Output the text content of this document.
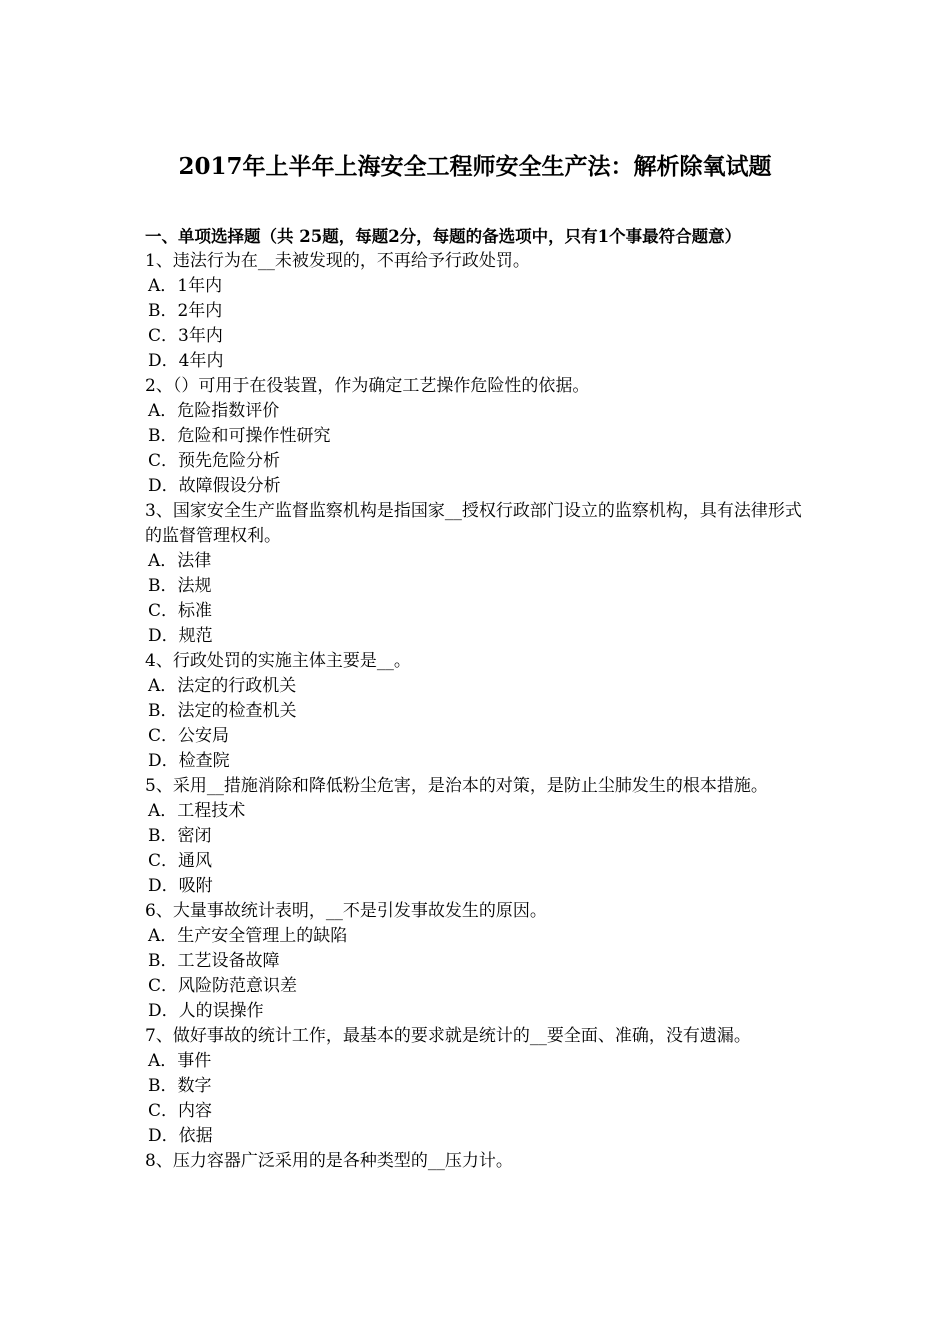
2017年上半年上海安全工程师安全生产法：解析除氧试题

一、单项选择题（共 25题，每题2分，每题的备选项中，只有1个事最符合题意）

1、违法行为在__未被发现的，不再给予行政处罚。

A．1年内

B．2年内

C．3年内

D．4年内

2、（）可用于在役装置，作为确定工艺操作危险性的依据。

A．危险指数评价

B．危险和可操作性研究

C．预先危险分析

D．故障假设分析

3、国家安全生产监督监察机构是指国家__授权行政部门设立的监察机构，具有法律形式的监督管理权利。

A．法律

B．法规

C．标准

D．规范

4、行政处罚的实施主体主要是__。

A．法定的行政机关

B．法定的检查机关

C．公安局

D．检查院

5、采用__措施消除和降低粉尘危害，是治本的对策，是防止尘肺发生的根本措施。

A．工程技术

B．密闭

C．通风

D．吸附

6、大量事故统计表明，__不是引发事故发生的原因。

A．生产安全管理上的缺陷

B．工艺设备故障

C．风险防范意识差

D．人的误操作

7、做好事故的统计工作，最基本的要求就是统计的__要全面、准确，没有遗漏。

A．事件

B．数字

C．内容

D．依据

8、压力容器广泛采用的是各种类型的__压力计。
